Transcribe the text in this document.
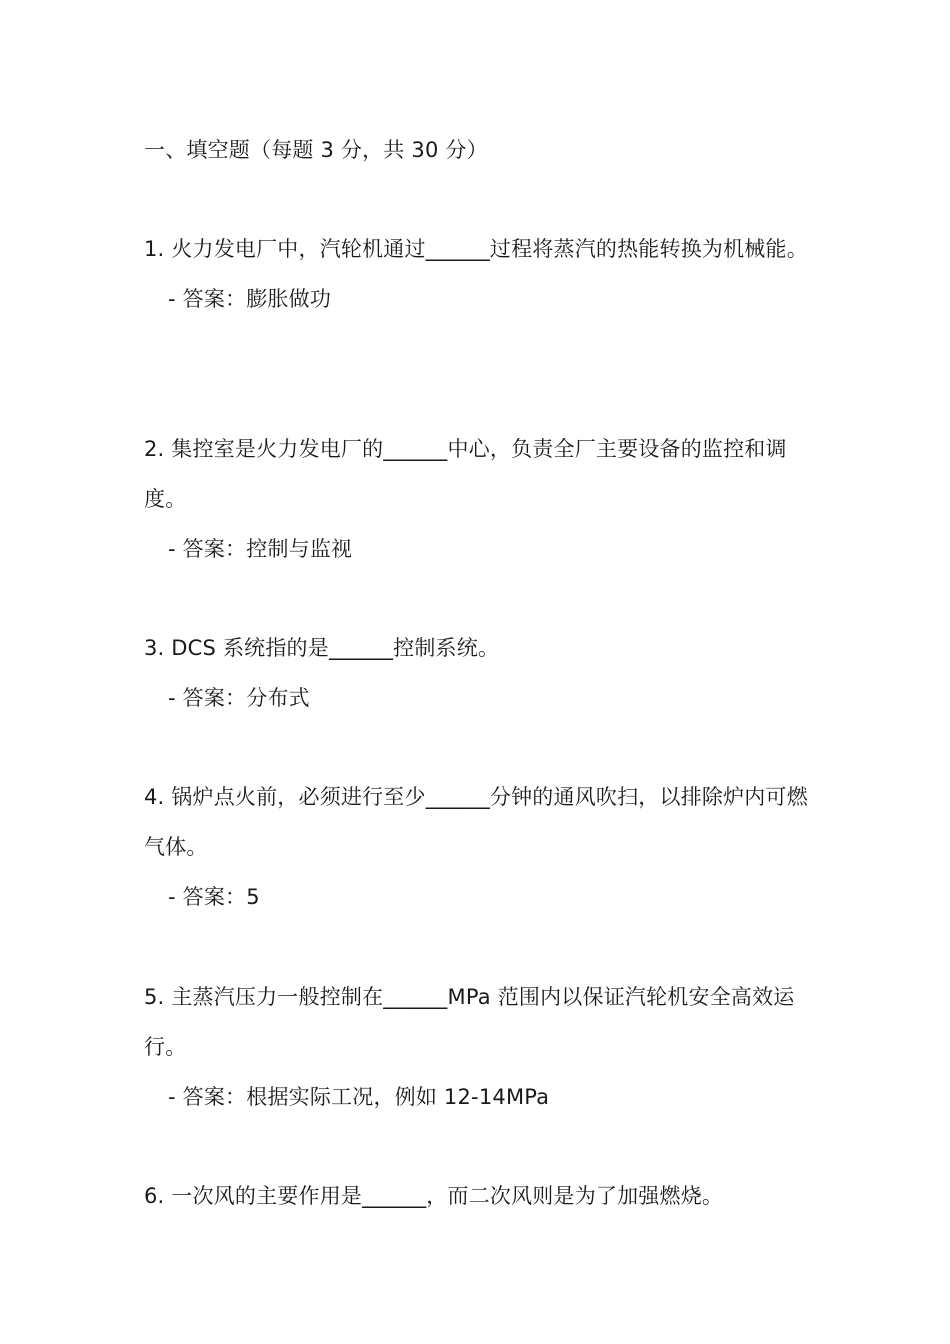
一、填空题（每题 3 分，共 30 分）

1. 火力发电厂中，汽轮机通过______过程将蒸汽的热能转换为机械能。

- 答案：膨胀做功

2. 集控室是火力发电厂的______中心，负责全厂主要设备的监控和调度。

- 答案：控制与监视

3. DCS 系统指的是______控制系统。

- 答案：分布式

4. 锅炉点火前，必须进行至少______分钟的通风吹扫，以排除炉内可燃气体。

- 答案：5

5. 主蒸汽压力一般控制在______MPa 范围内以保证汽轮机安全高效运行。

- 答案：根据实际工况，例如 12-14MPa

6. 一次风的主要作用是______，而二次风则是为了加强燃烧。
